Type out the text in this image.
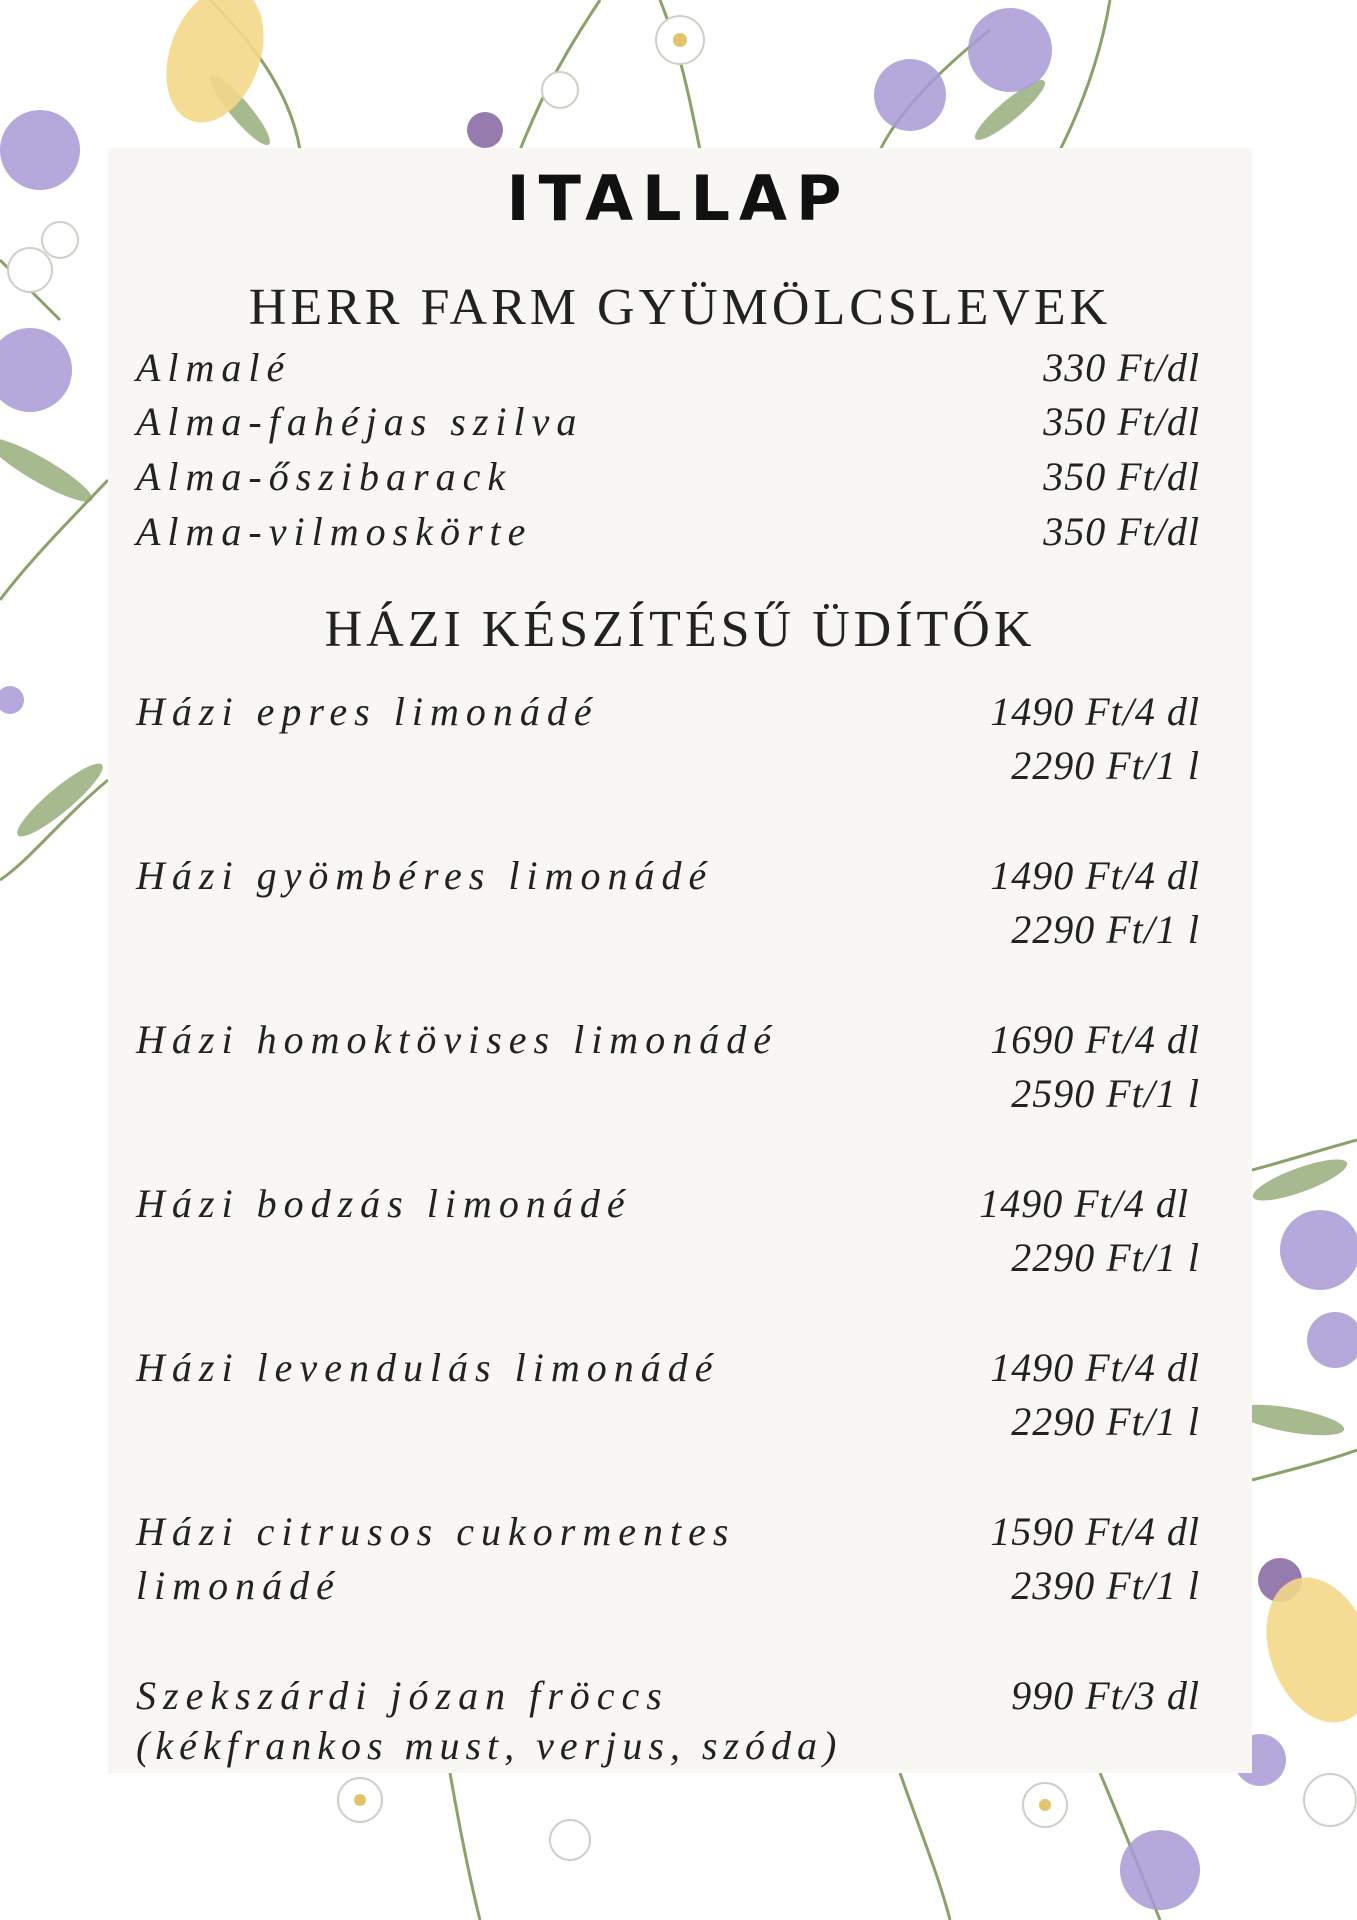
ITALLAP
HERR FARM GYÜMÖLCSLEVEK
Almalé	330 Ft/dl
Alma-fahéjas szilva	350 Ft/dl
Alma-őszibarack	350 Ft/dl
Alma-vilmoskörte	350 Ft/dl
HÁZI KÉSZÍTÉSŰ ÜDÍTŐK
Házi epres limonádé	1490 Ft/4 dl
2290 Ft/1 l
Házi gyömbéres limonádé	1490 Ft/4 dl
2290 Ft/1 l
Házi homoktövises limonádé	1690 Ft/4 dl
2590 Ft/1 l
Házi bodzás limonádé	1490 Ft/4 dl
2290 Ft/1 l
Házi levendulás limonádé	1490 Ft/4 dl
2290 Ft/1 l
Házi citrusos cukormentes
limonádé
1590 Ft/4 dl
2390 Ft/1 l
Szekszárdi józan fröccs
(kékfrankos must, verjus, szóda)
990 Ft/3 dl
